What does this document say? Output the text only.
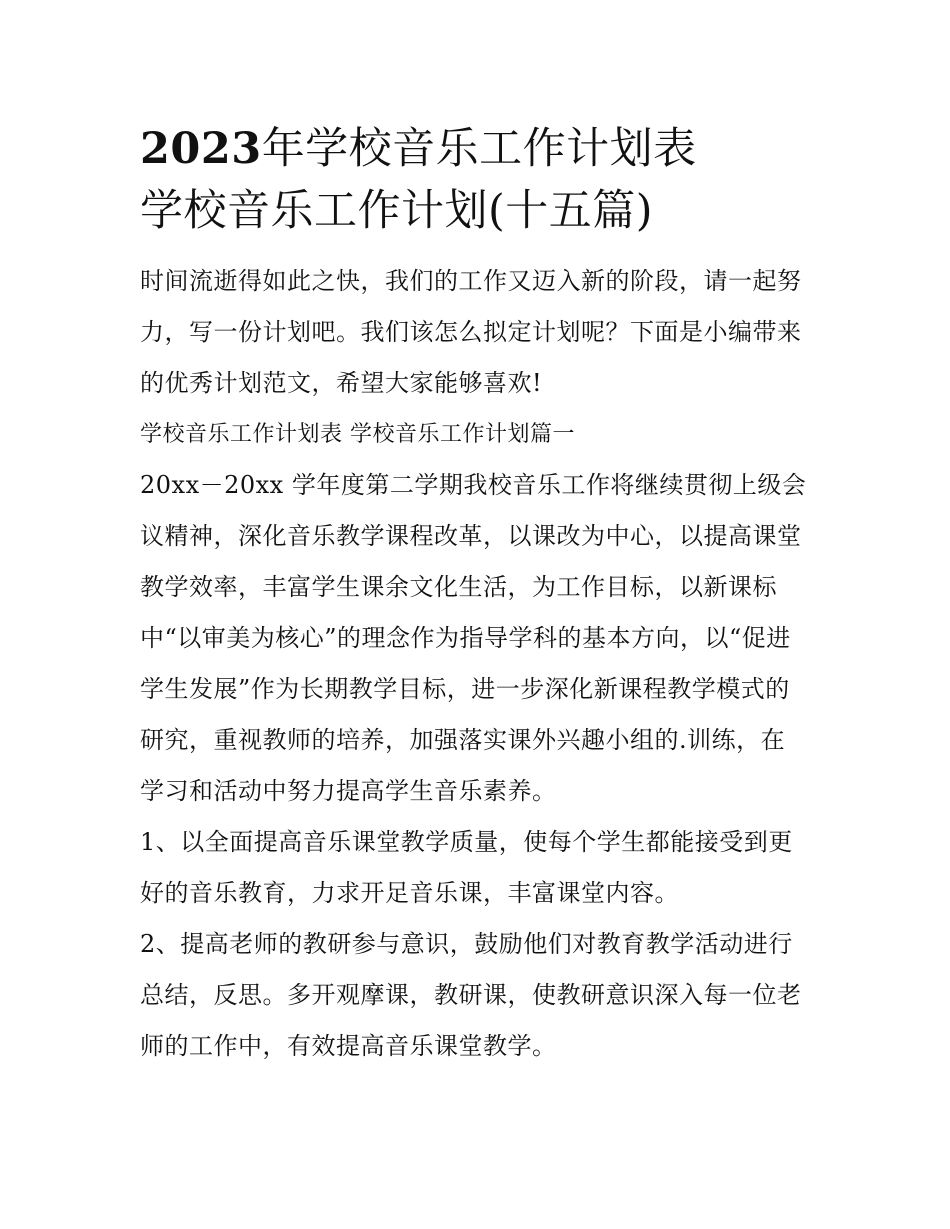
2023年学校音乐工作计划表
学校音乐工作计划(十五篇)

时间流逝得如此之快，我们的工作又迈入新的阶段，请一起努

力，写一份计划吧。我们该怎么拟定计划呢？下面是小编带来

的优秀计划范文，希望大家能够喜欢!

学校音乐工作计划表 学校音乐工作计划篇一

20xx－20xx 学年度第二学期我校音乐工作将继续贯彻上级会

议精神，深化音乐教学课程改革，以课改为中心，以提高课堂

教学效率，丰富学生课余文化生活，为工作目标，以新课标

中“以审美为核心”的理念作为指导学科的基本方向，以“促进

学生发展”作为长期教学目标，进一步深化新课程教学模式的

研究，重视教师的培养，加强落实课外兴趣小组的.训练，在

学习和活动中努力提高学生音乐素养。

1、以全面提高音乐课堂教学质量，使每个学生都能接受到更

好的音乐教育，力求开足音乐课，丰富课堂内容。

2、提高老师的教研参与意识，鼓励他们对教育教学活动进行

总结，反思。多开观摩课，教研课，使教研意识深入每一位老

师的工作中，有效提高音乐课堂教学。
